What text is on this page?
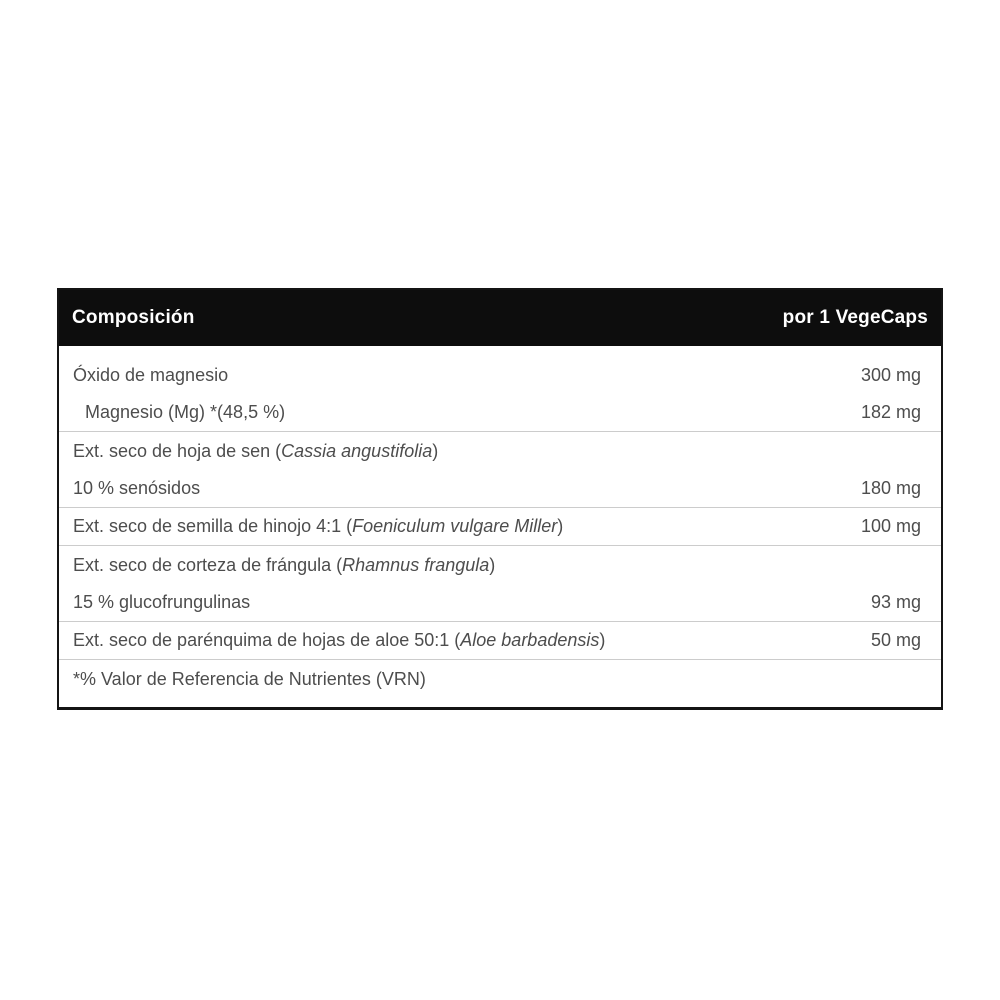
Composición	por 1 VegeCaps
Óxido de magnesio	300 mg
Magnesio (Mg) *(48,5 %)	182 mg
Ext. seco de hoja de sen (Cassia angustifolia)
10 % senósidos	180 mg
Ext. seco de semilla de hinojo 4:1 (Foeniculum vulgare Miller)	100 mg
Ext. seco de corteza de frángula (Rhamnus frangula)
15 % glucofrungulinas	93 mg
Ext. seco de parénquima de hojas de aloe 50:1 (Aloe barbadensis)	50 mg
*% Valor de Referencia de Nutrientes (VRN)
